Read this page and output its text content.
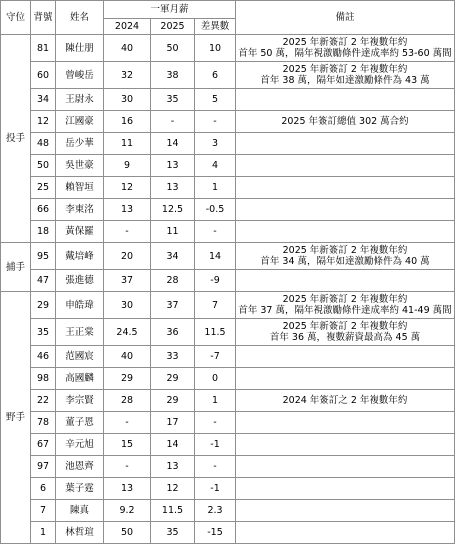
守位	背號	姓名	一軍月薪			備註
			2024	2025	差異數	
投手	81	陳仕朋	40	50	10	2025 年新簽訂 2 年複數年約
首年 50 萬，隔年視激勵條件達成率約 53-60 萬間

	60	曾峻岳	32	38	6	2025 年新簽訂 2 年複數年約
首年 38 萬，隔年如達激勵條件為 43 萬

	34	王尉永	30	35	5	
	12	江國豪	16	-	-	2025 年簽訂總值 302 萬合約

	48	岳少華	11	14	3	
	50	吳世豪	9	13	4	
	25	賴智垣	12	13	1	
	66	李東洺	13	12.5	-0.5	
	18	黃保羅	-	11	-	
捕手	95	戴培峰	20	34	14	2025 年新簽訂 2 年複數年約
首年 34 萬，隔年如達激勵條件為 40 萬

	47	張進德	37	28	-9	
野手	29	申皓瑋	30	37	7	2025 年新簽訂 2 年複數年約
首年 37 萬，隔年視激勵條件達成率約 41-49 萬間

	35	王正棠	24.5	36	11.5	2025 年新簽訂 2 年複數年約
首年 36 萬，複數薪資最高為 45 萬

	46	范國宸	40	33	-7	
	98	高國麟	29	29	0	
	22	李宗賢	28	29	1	2024 年簽訂之 2 年複數年約

	78	董子恩	-	17	-	
	67	辛元旭	15	14	-1	
	97	池恩齊	-	13	-	
	6	葉子霆	13	12	-1	
	7	陳真	9.2	11.5	2.3	
	1	林哲瑄	50	35	-15	
